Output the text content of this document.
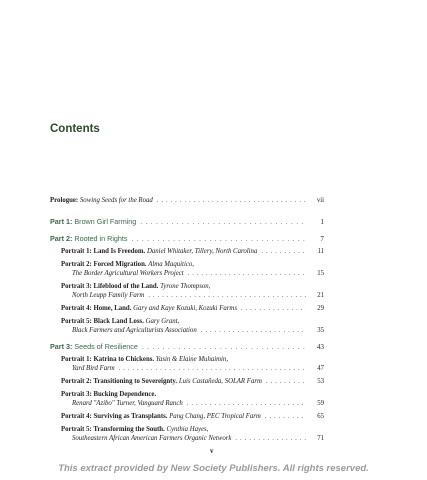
Contents
Prologue: Sowing Seeds for the Road . . .	vii
Part 1: Brown Girl Farming . . .	1
Part 2: Rooted in Rights . . .	7
Portrait 1: Land Is Freedom. Daniel Whitaker, Tillery, North Carolina . . .	11
Portrait 2: Forced Migration. Alma Maquitico,
The Border Agricultural Workers Project . . .	15
Portrait 3: Lifeblood of the Land. Tyrone Thompson,
North Leupp Family Farm . . .	21
Portrait 4: Home, Land. Gary and Kaye Kozuki, Kozuki Farms . . .	29
Portrait 5: Black Land Loss. Gary Grant,
Black Farmers and Agriculturists Association . . .	35
Part 3: Seeds of Resilience . . .	43
Portrait 1: Katrina to Chickens. Yasin & Elaine Muhaimin,
Yard Bird Farm . . .	47
Portrait 2: Transitioning to Sovereignty. Luis Castañeda, SOLAR Farm . . .	53
Portrait 3: Bucking Dependence.
Renard "Azibo" Turner, Vanguard Ranch . . .	59
Portrait 4: Surviving as Transplants. Pang Chang, PEC Tropical Farm . . .	65
Portrait 5: Transforming the South. Cynthia Hayes,
Southeastern African American Farmers Organic Network . . .	71
v

This extract provided by New Society Publishers. All rights reserved.
